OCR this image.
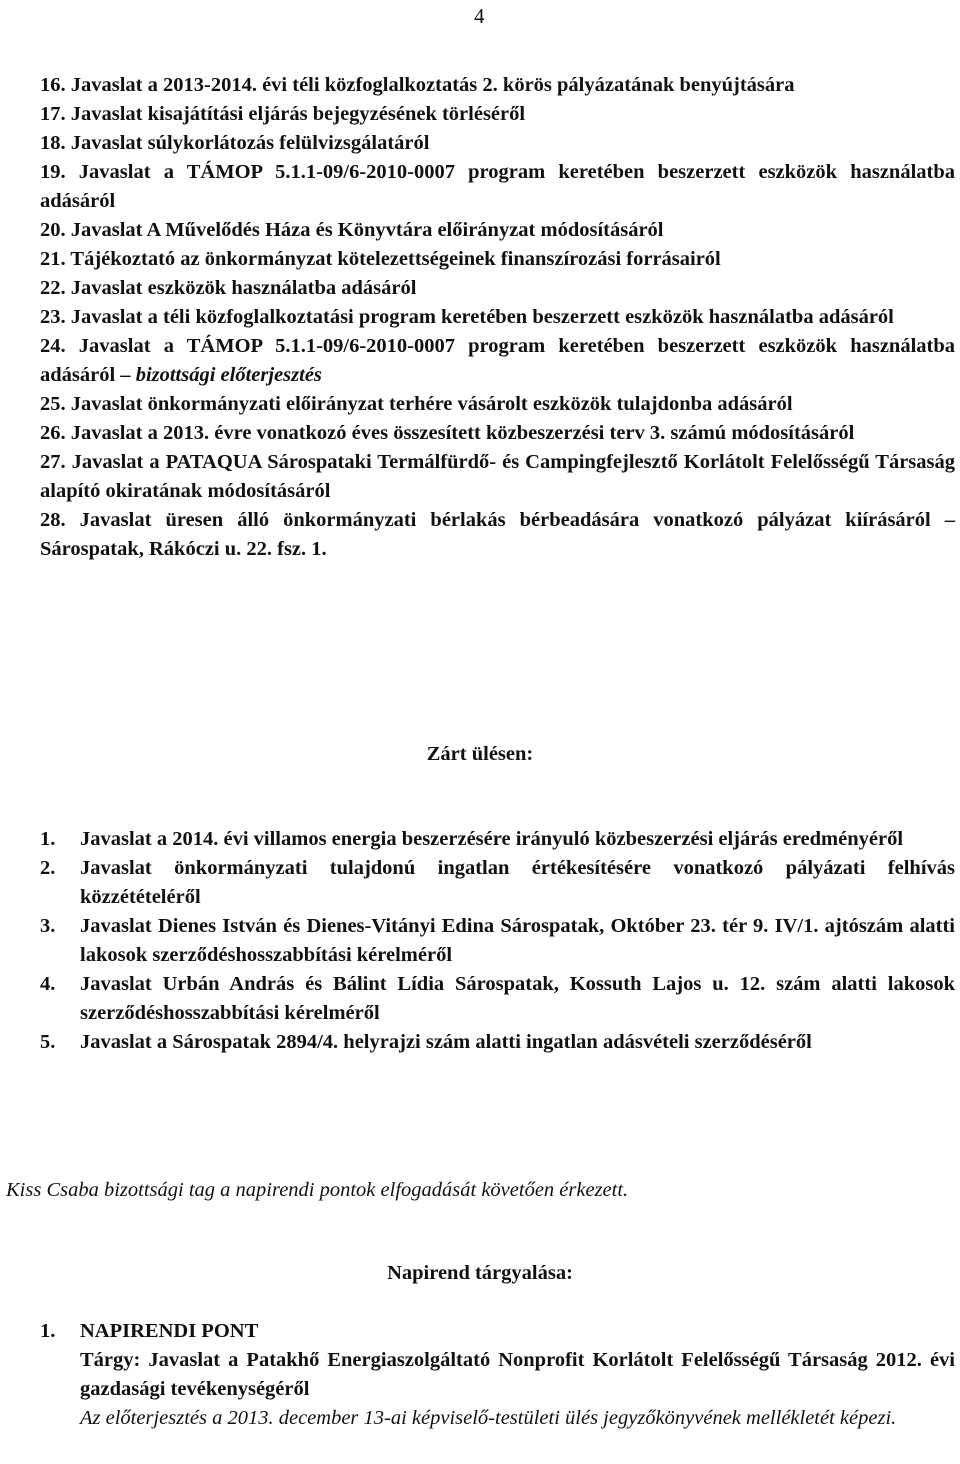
4
16. Javaslat a 2013-2014. évi téli közfoglalkoztatás 2. körös pályázatának benyújtására
17. Javaslat kisajátítási eljárás bejegyzésének törléséről
18. Javaslat súlykorlátozás felülvizsgálatáról
19. Javaslat a TÁMOP 5.1.1-09/6-2010-0007 program keretében beszerzett eszközök használatba adásáról
20. Javaslat A Művelődés Háza és Könyvtára előirányzat módosításáról
21. Tájékoztató az önkormányzat kötelezettségeinek finanszírozási forrásairól
22. Javaslat eszközök használatba adásáról
23. Javaslat a téli közfoglalkoztatási program keretében beszerzett eszközök használatba adásáról
24. Javaslat a TÁMOP 5.1.1-09/6-2010-0007 program keretében beszerzett eszközök használatba adásáról – bizottsági előterjesztés
25. Javaslat önkormányzati előirányzat terhére vásárolt eszközök tulajdonba adásáról
26. Javaslat a 2013. évre vonatkozó éves összesített közbeszerzési terv 3. számú módosításáról
27. Javaslat a PATAQUA Sárospataki Termálfürdő- és Campingfejlesztő Korlátolt Felelősségű Társaság alapító okiratának módosításáról
28. Javaslat üresen álló önkormányzati bérlakás bérbeadására vonatkozó pályázat kiírásáról – Sárospatak, Rákóczi u. 22. fsz. 1.
Zárt ülésen:
1.	Javaslat a 2014. évi villamos energia beszerzésére irányuló közbeszerzési eljárás eredményéről
2.	Javaslat önkormányzati tulajdonú ingatlan értékesítésére vonatkozó pályázati felhívás közzétételéről
3.	Javaslat Dienes István és Dienes-Vitányi Edina Sárospatak, Október 23. tér 9. IV/1. ajtószám alatti lakosok szerződéshosszabbítási kérelméről
4.	Javaslat Urbán András és Bálint Lídia Sárospatak, Kossuth Lajos u. 12. szám alatti lakosok szerződéshosszabbítási kérelméről
5.	Javaslat a Sárospatak 2894/4. helyrajzi szám alatti ingatlan adásvételi szerződéséről
Kiss Csaba bizottsági tag a napirendi pontok elfogadását követően érkezett.
Napirend tárgyalása:
1.	NAPIRENDI PONT
Tárgy: Javaslat a Patakhő Energiaszolgáltató Nonprofit Korlátolt Felelősségű Társaság 2012. évi gazdasági tevékenységéről
Az előterjesztés a 2013. december 13-ai képviselő-testületi ülés jegyzőkönyvének mellékletét képezi.
